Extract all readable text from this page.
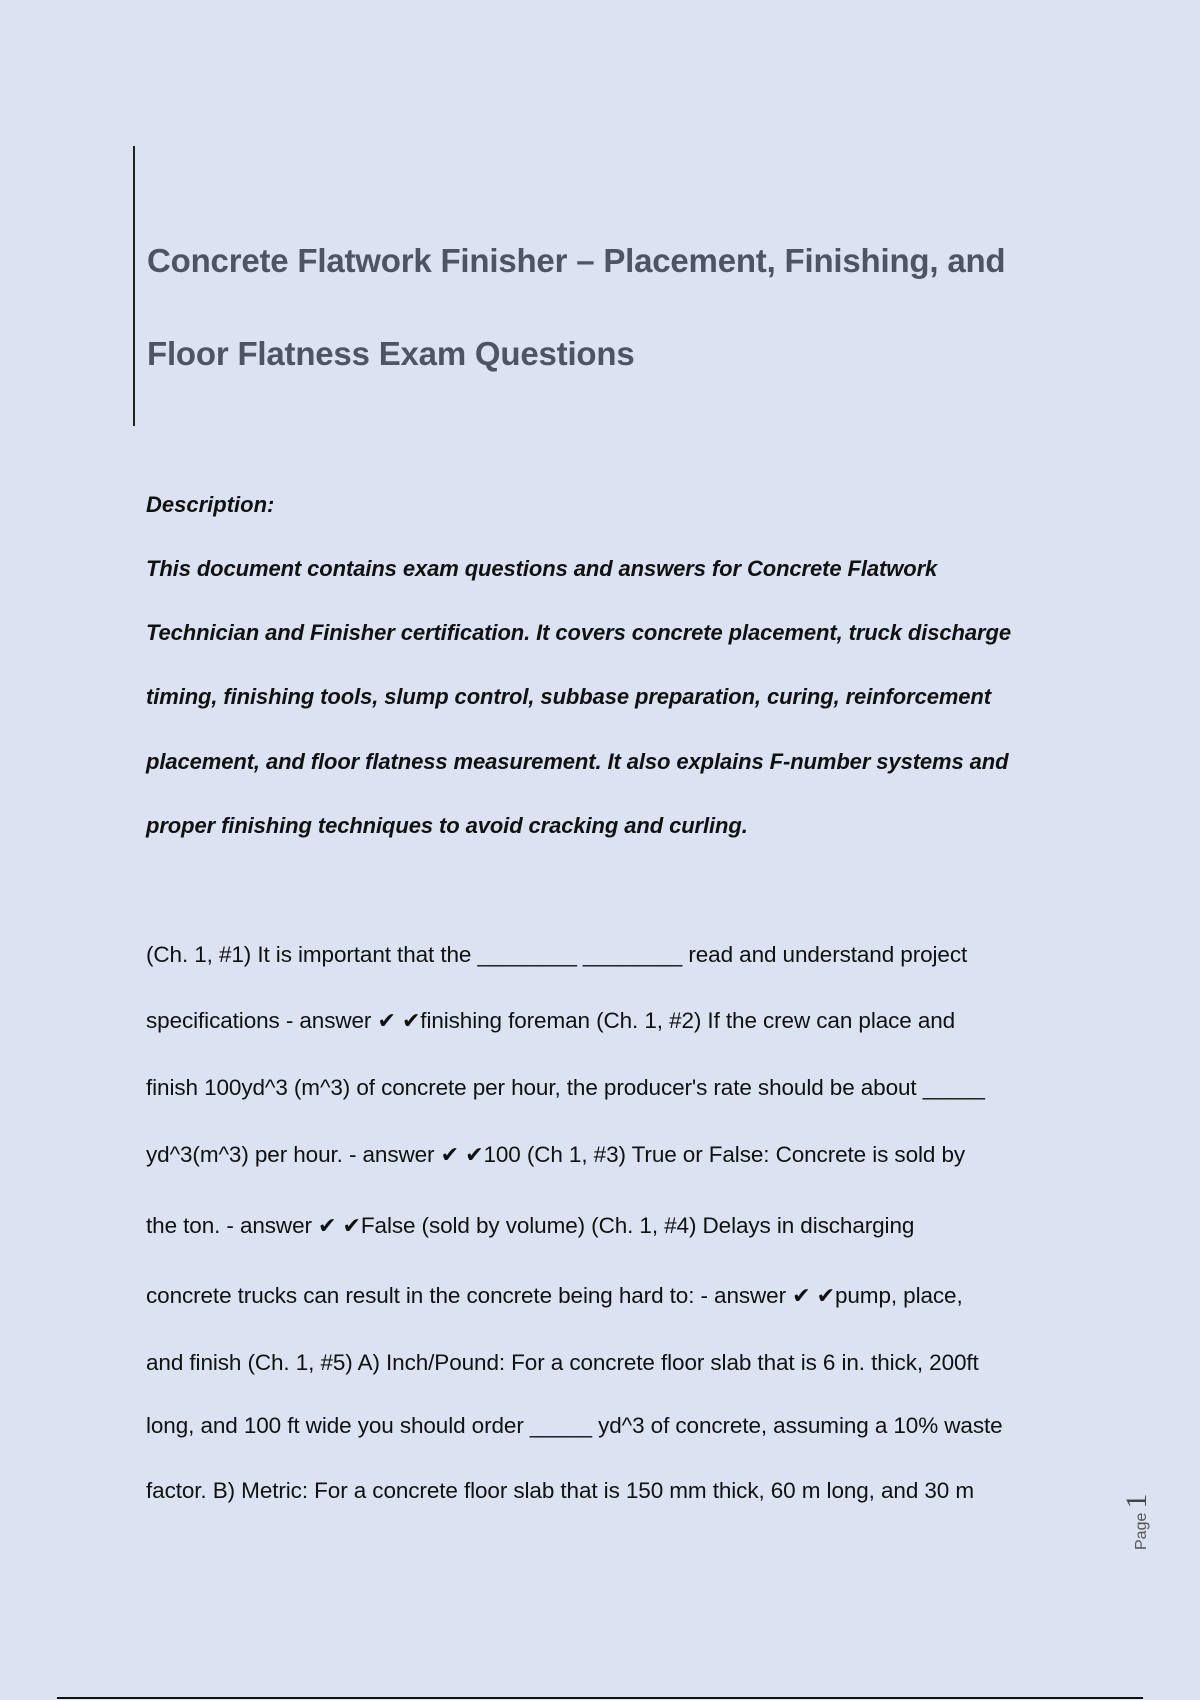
Concrete Flatwork Finisher – Placement, Finishing, and
Floor Flatness Exam Questions
Description:
This document contains exam questions and answers for Concrete Flatwork
Technician and Finisher certification. It covers concrete placement, truck discharge
timing, finishing tools, slump control, subbase preparation, curing, reinforcement
placement, and floor flatness measurement. It also explains F-number systems and
proper finishing techniques to avoid cracking and curling.
(Ch. 1, #1) It is important that the ________ ________ read and understand project
specifications - answer ✔ ✔finishing foreman (Ch. 1, #2) If the crew can place and
finish 100yd^3 (m^3) of concrete per hour, the producer's rate should be about _____
yd^3(m^3) per hour. - answer ✔ ✔100 (Ch 1, #3) True or False: Concrete is sold by
the ton. - answer ✔ ✔False (sold by volume) (Ch. 1, #4) Delays in discharging
concrete trucks can result in the concrete being hard to: - answer ✔ ✔pump, place,
and finish (Ch. 1, #5) A) Inch/Pound: For a concrete floor slab that is 6 in. thick, 200ft
long, and 100 ft wide you should order _____ yd^3 of concrete, assuming a 10% waste
factor. B) Metric: For a concrete floor slab that is 150 mm thick, 60 m long, and 30 m
Page1
